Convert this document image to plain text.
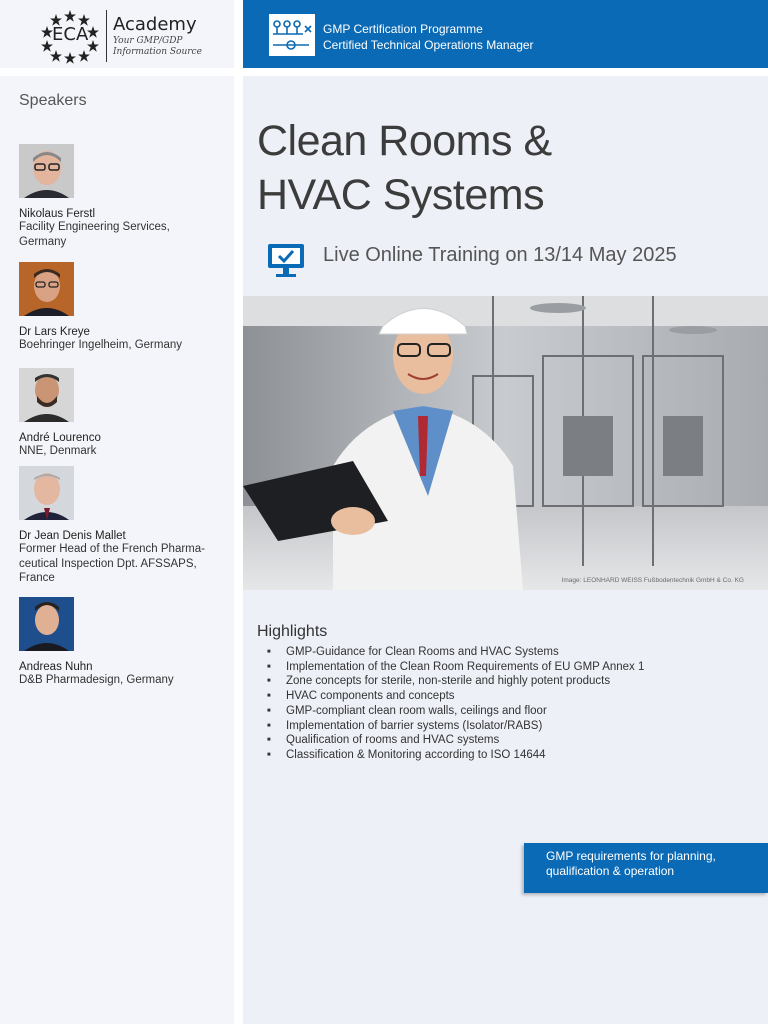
ECA Academy
Your GMP/GDP
Information Source
GMP Certification Programme
Certified Technical Operations Manager
Speakers
Nikolaus Ferstl
Facility Engineering Services,
Germany
Dr Lars Kreye
Boehringer Ingelheim, Germany
André Lourenco
NNE, Denmark
Dr Jean Denis Mallet
Former Head of the French Pharma-
ceutical Inspection Dpt. AFSSAPS,
France
Andreas Nuhn
D&B Pharmadesign, Germany
Clean Rooms &
HVAC Systems
Live Online Training on 13/14 May 2025
Image: LEONHARD WEISS Fußbodentechnik GmbH & Co. KG
Highlights
■ GMP-Guidance for Clean Rooms and HVAC Systems
■ Implementation of the Clean Room Requirements of EU GMP Annex 1
■ Zone concepts for sterile, non-sterile and highly potent products
■ HVAC components and concepts
■ GMP-compliant clean room walls, ceilings and floor
■ Implementation of barrier systems (Isolator/RABS)
■ Qualification of rooms and HVAC systems
■ Classification & Monitoring according to ISO 14644
GMP requirements for planning,
qualification & operation
